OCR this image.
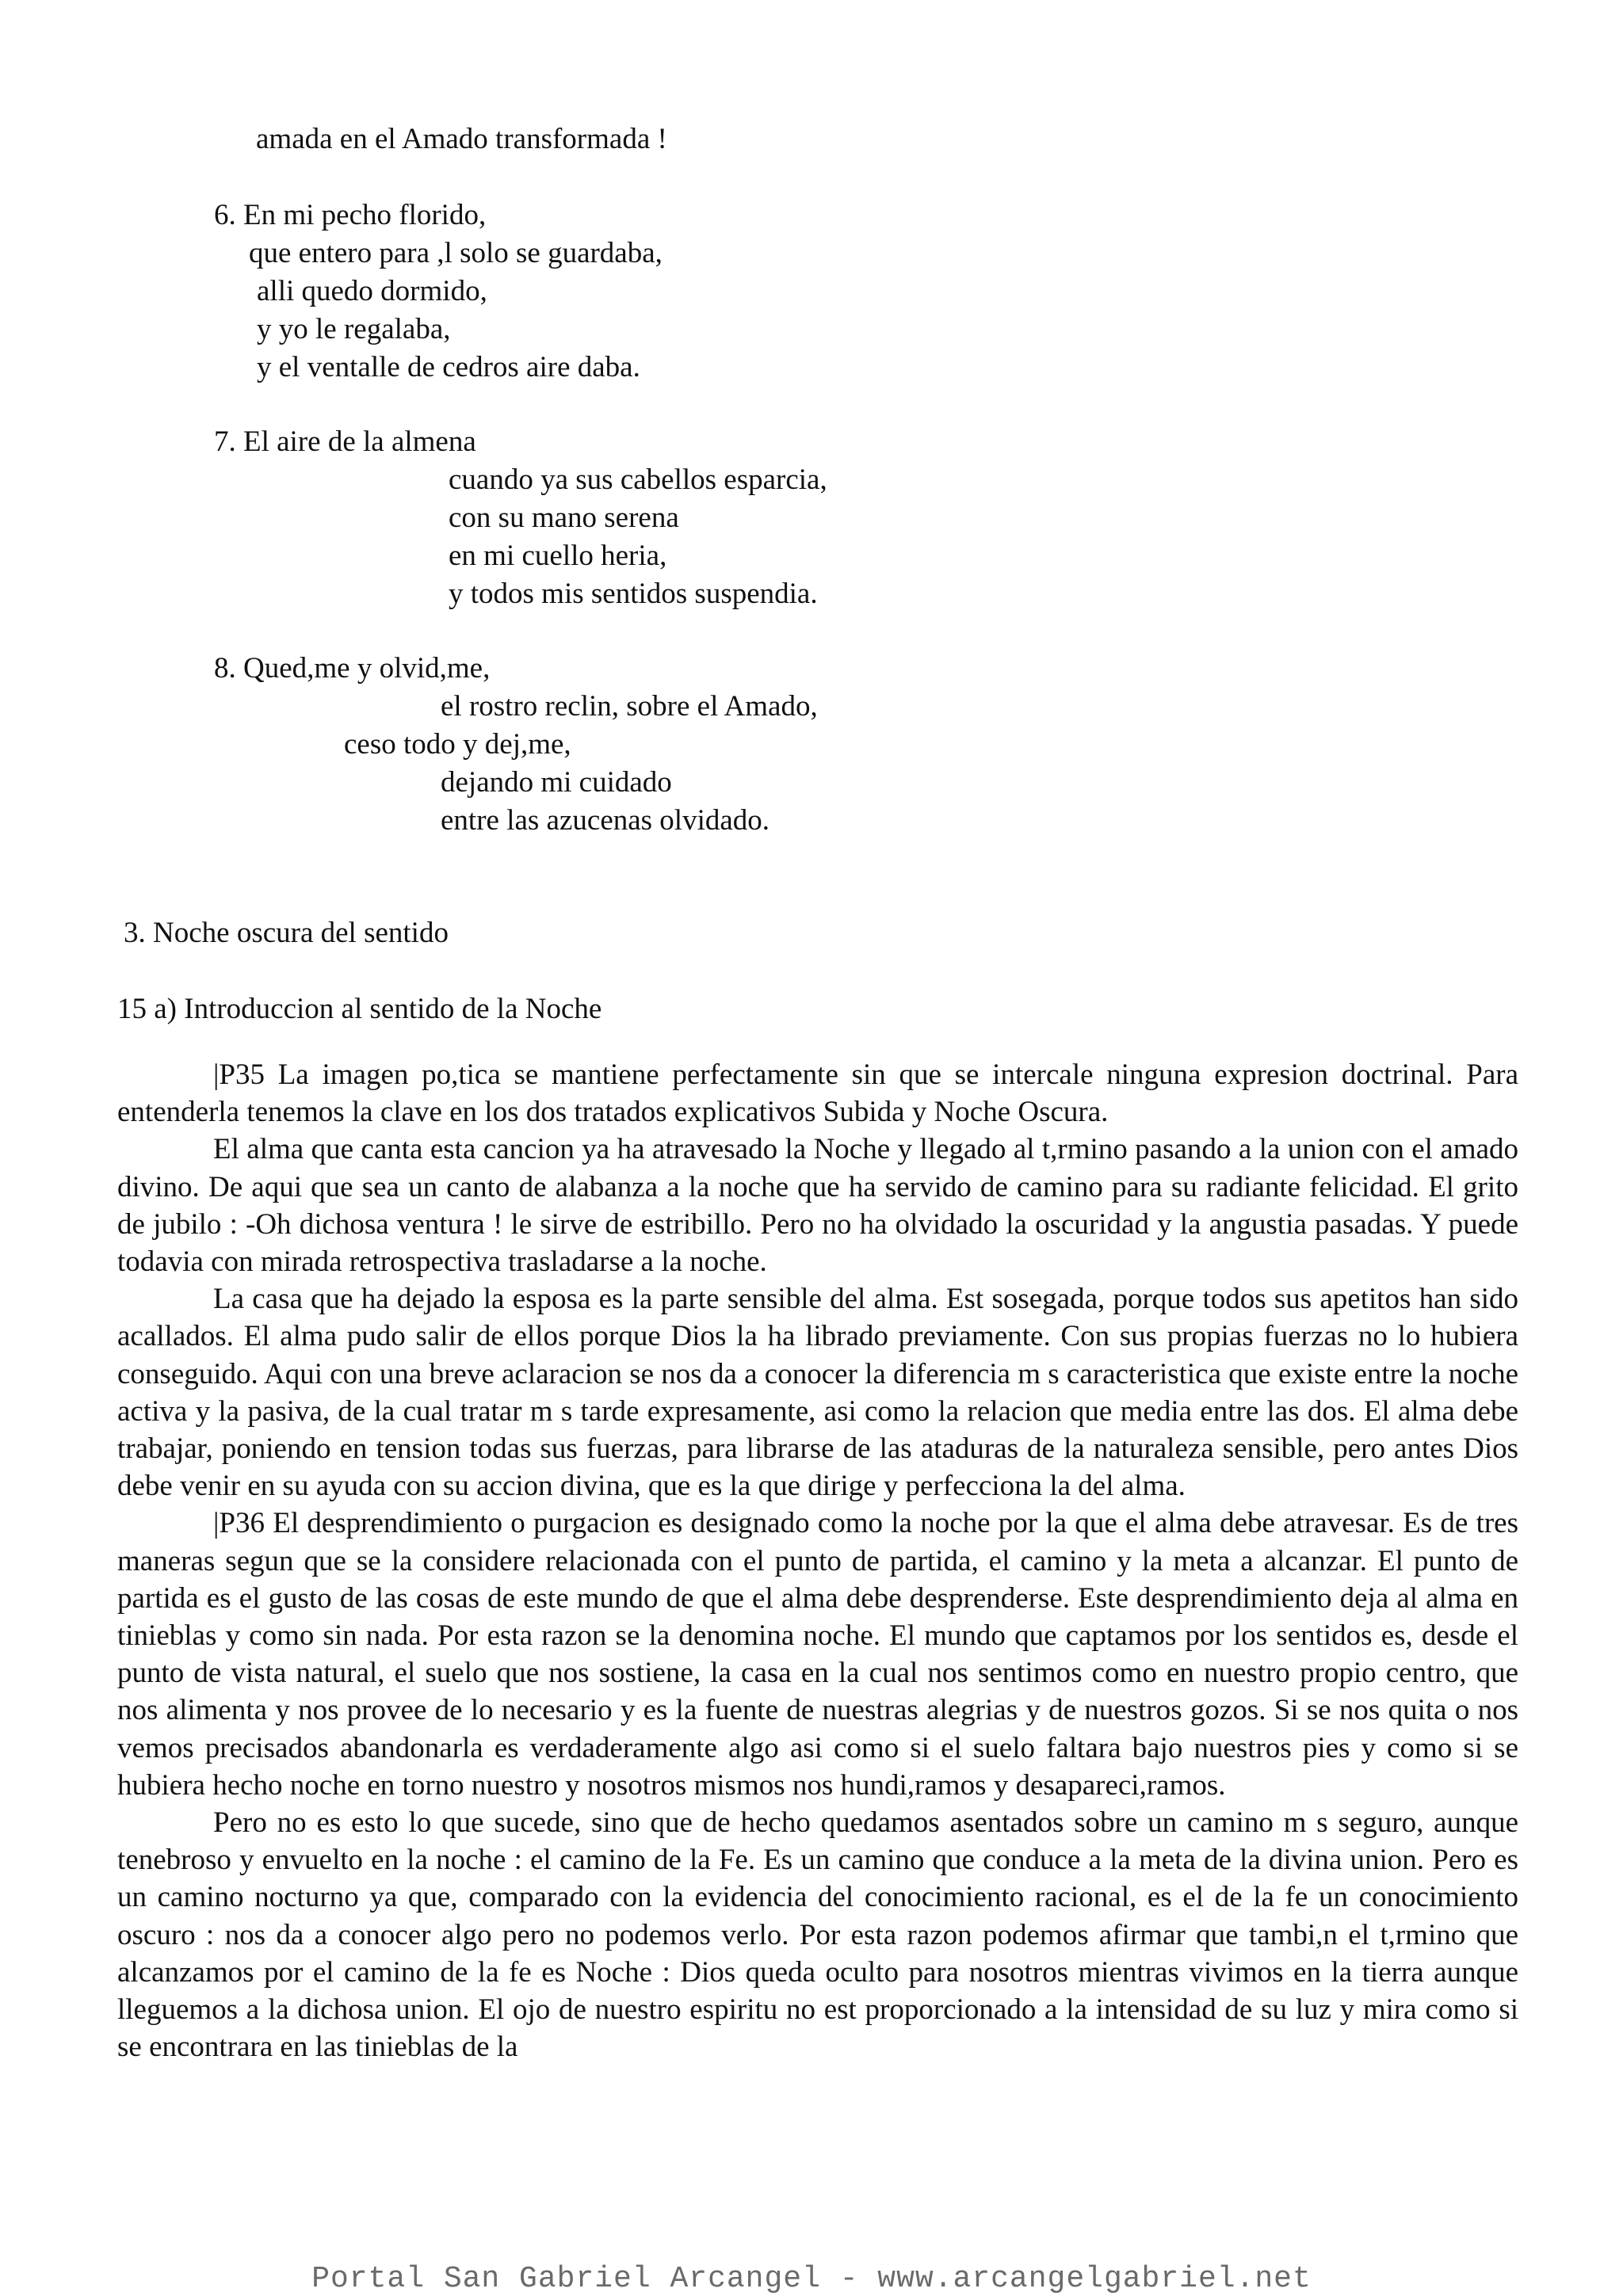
amada en el Amado transformada !
6. En mi pecho florido,
que entero para ,l solo se guardaba,
alli quedo dormido,
y yo le regalaba,
y el ventalle de cedros aire daba.
7. El aire de la almena
cuando ya sus cabellos esparcia,
con su mano serena
en mi cuello heria,
y todos mis sentidos suspendia.
8. Qued,me y olvid,me,
el rostro reclin, sobre el Amado,
ceso todo y dej,me,
dejando mi cuidado
entre las azucenas olvidado.
3. Noche oscura del sentido
15 a) Introduccion al sentido de la Noche

|P35 La imagen po,tica se mantiene perfectamente sin que se intercale ninguna expresion doctrinal. Para entenderla tenemos la clave en los dos tratados explicativos Subida y Noche Oscura.

El alma que canta esta cancion ya ha atravesado la Noche y llegado al t,rmino pasando a la union con el amado divino. De aqui que sea un canto de alabanza a la noche que ha servido de camino para su radiante felicidad. El grito de jubilo : -Oh dichosa ventura ! le sirve de estribillo. Pero no ha olvidado la oscuridad y la angustia pasadas. Y puede todavia con mirada retrospectiva trasladarse a la noche.

La casa que ha dejado la esposa es la parte sensible del alma. Est sosegada, porque todos sus apetitos han sido acallados. El alma pudo salir de ellos porque Dios la ha librado previamente. Con sus propias fuerzas no lo hubiera conseguido. Aqui con una breve aclaracion se nos da a conocer la diferencia m s caracteristica que existe entre la noche activa y la pasiva, de la cual tratar m s tarde expresamente, asi como la relacion que media entre las dos. El alma debe trabajar, poniendo en tension todas sus fuerzas, para librarse de las ataduras de la naturaleza sensible, pero antes Dios debe venir en su ayuda con su accion divina, que es la que dirige y perfecciona la del alma.

|P36 El desprendimiento o purgacion es designado como la noche por la que el alma debe atravesar. Es de tres maneras segun que se la considere relacionada con el punto de partida, el camino y la meta a alcanzar. El punto de partida es el gusto de las cosas de este mundo de que el alma debe desprenderse. Este desprendimiento deja al alma en tinieblas y como sin nada. Por esta razon se la denomina noche. El mundo que captamos por los sentidos es, desde el punto de vista natural, el suelo que nos sostiene, la casa en la cual nos sentimos como en nuestro propio centro, que nos alimenta y nos provee de lo necesario y es la fuente de nuestras alegrias y de nuestros gozos. Si se nos quita o nos vemos precisados abandonarla es verdaderamente algo asi como si el suelo faltara bajo nuestros pies y como si se hubiera hecho noche en torno nuestro y nosotros mismos nos hundi,ramos y desapareci,ramos.

Pero no es esto lo que sucede, sino que de hecho quedamos asentados sobre un camino m s seguro, aunque tenebroso y envuelto en la noche : el camino de la Fe. Es un camino que conduce a la meta de la divina union. Pero es un camino nocturno ya que, comparado con la evidencia del conocimiento racional, es el de la fe un conocimiento oscuro : nos da a conocer algo pero no podemos verlo. Por esta razon podemos afirmar que tambi,n el t,rmino que alcanzamos por el camino de la fe es Noche : Dios queda oculto para nosotros mientras vivimos en la tierra aunque lleguemos a la dichosa union. El ojo de nuestro espiritu no est proporcionado a la intensidad de su luz y mira como si se encontrara en las tinieblas de la

Portal San Gabriel Arcangel - www.arcangelgabriel.net
